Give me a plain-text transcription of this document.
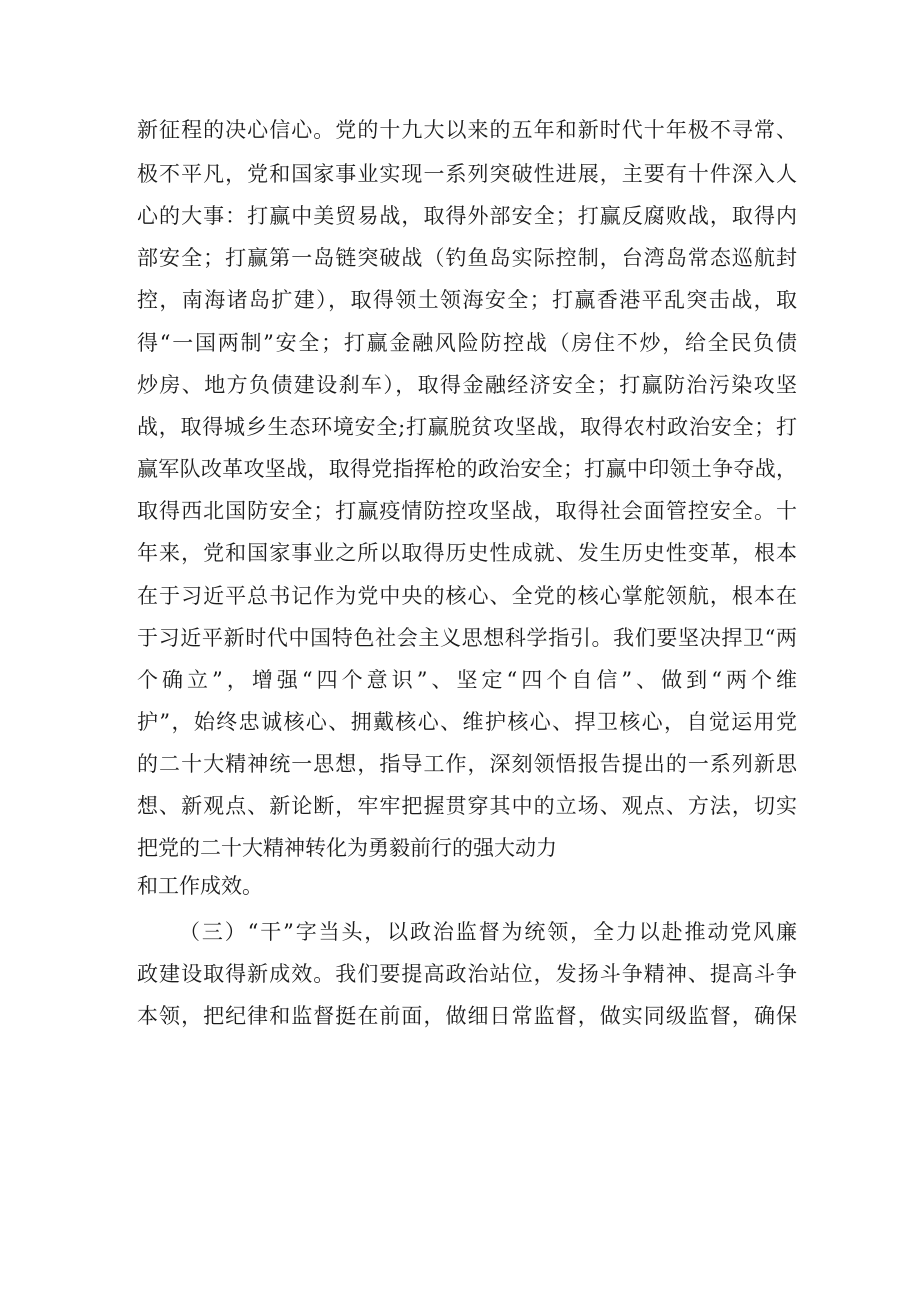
新征程的决心信心。党的十九大以来的五年和新时代十年极不寻常、
极不平凡，党和国家事业实现一系列突破性进展，主要有十件深入人
心的大事：打赢中美贸易战，取得外部安全；打赢反腐败战，取得内
部安全；打赢第一岛链突破战（钓鱼岛实际控制，台湾岛常态巡航封
控，南海诸岛扩建），取得领土领海安全；打赢香港平乱突击战，取
得“一国两制”安全；打赢金融风险防控战（房住不炒，给全民负债
炒房、地方负债建设刹车），取得金融经济安全；打赢防治污染攻坚
战，取得城乡生态环境安全;打赢脱贫攻坚战，取得农村政治安全；打
赢军队改革攻坚战，取得党指挥枪的政治安全；打赢中印领土争夺战，
取得西北国防安全；打赢疫情防控攻坚战，取得社会面管控安全。十
年来，党和国家事业之所以取得历史性成就、发生历史性变革，根本
在于习近平总书记作为党中央的核心、全党的核心掌舵领航，根本在
于习近平新时代中国特色社会主义思想科学指引。我们要坚决捍卫“两
个确立”，增强“四个意识”、坚定“四个自信”、做到“两个维
护”，始终忠诚核心、拥戴核心、维护核心、捍卫核心，自觉运用党
的二十大精神统一思想，指导工作，深刻领悟报告提出的一系列新思
想、新观点、新论断，牢牢把握贯穿其中的立场、观点、方法，切实
把党的二十大精神转化为勇毅前行的强大动力
和工作成效。
（三）“干”字当头，以政治监督为统领，全力以赴推动党风廉
政建设取得新成效。我们要提高政治站位，发扬斗争精神、提高斗争
本领，把纪律和监督挺在前面，做细日常监督，做实同级监督，确保
